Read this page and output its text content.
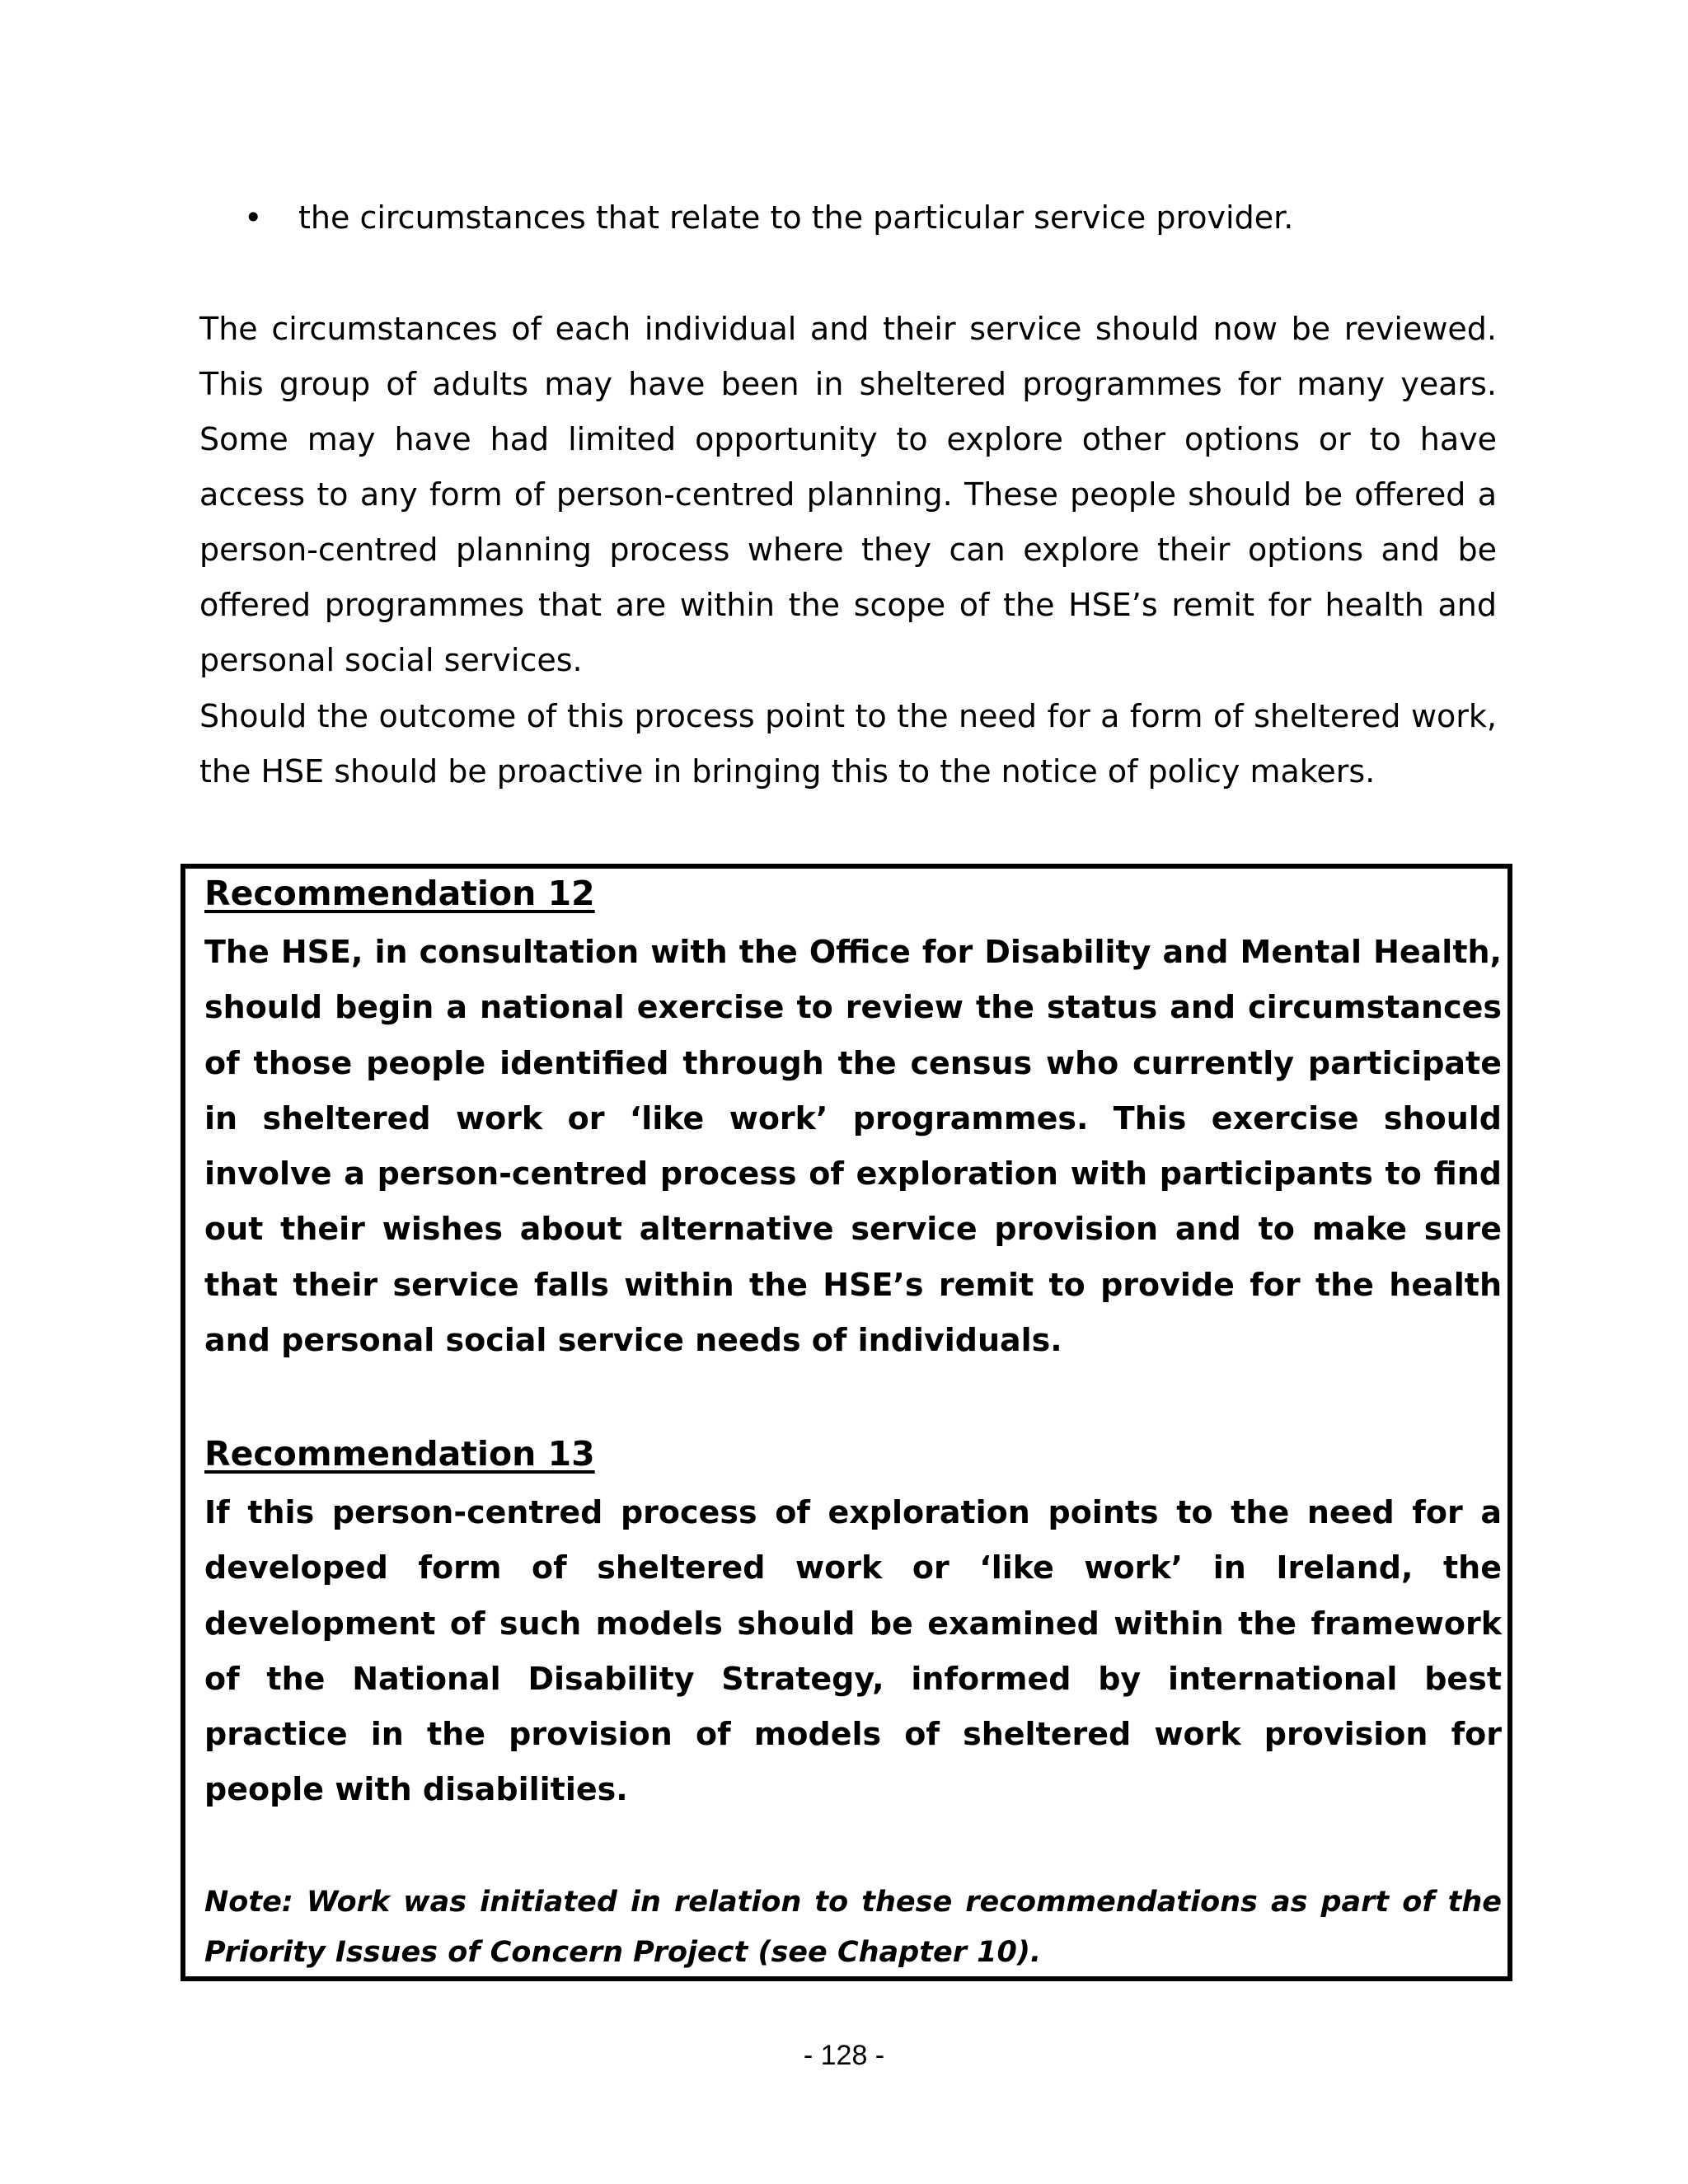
• the circumstances that relate to the particular service provider.

The circumstances of each individual and their service should now be reviewed. This group of adults may have been in sheltered programmes for many years. Some may have had limited opportunity to explore other options or to have access to any form of person-centred planning. These people should be offered a person-centred planning process where they can explore their options and be offered programmes that are within the scope of the HSE’s remit for health and personal social services.

Should the outcome of this process point to the need for a form of sheltered work, the HSE should be proactive in bringing this to the notice of policy makers.

Recommendation 12

The HSE, in consultation with the Office for Disability and Mental Health, should begin a national exercise to review the status and circumstances of those people identified through the census who currently participate in sheltered work or ‘like work’ programmes. This exercise should involve a person-centred process of exploration with participants to find out their wishes about alternative service provision and to make sure that their service falls within the HSE’s remit to provide for the health and personal social service needs of individuals.

Recommendation 13

If this person-centred process of exploration points to the need for a developed form of sheltered work or ‘like work’ in Ireland, the development of such models should be examined within the framework of the National Disability Strategy, informed by international best practice in the provision of models of sheltered work provision for people with disabilities.

Note: Work was initiated in relation to these recommendations as part of the Priority Issues of Concern Project (see Chapter 10).

- 128 -
